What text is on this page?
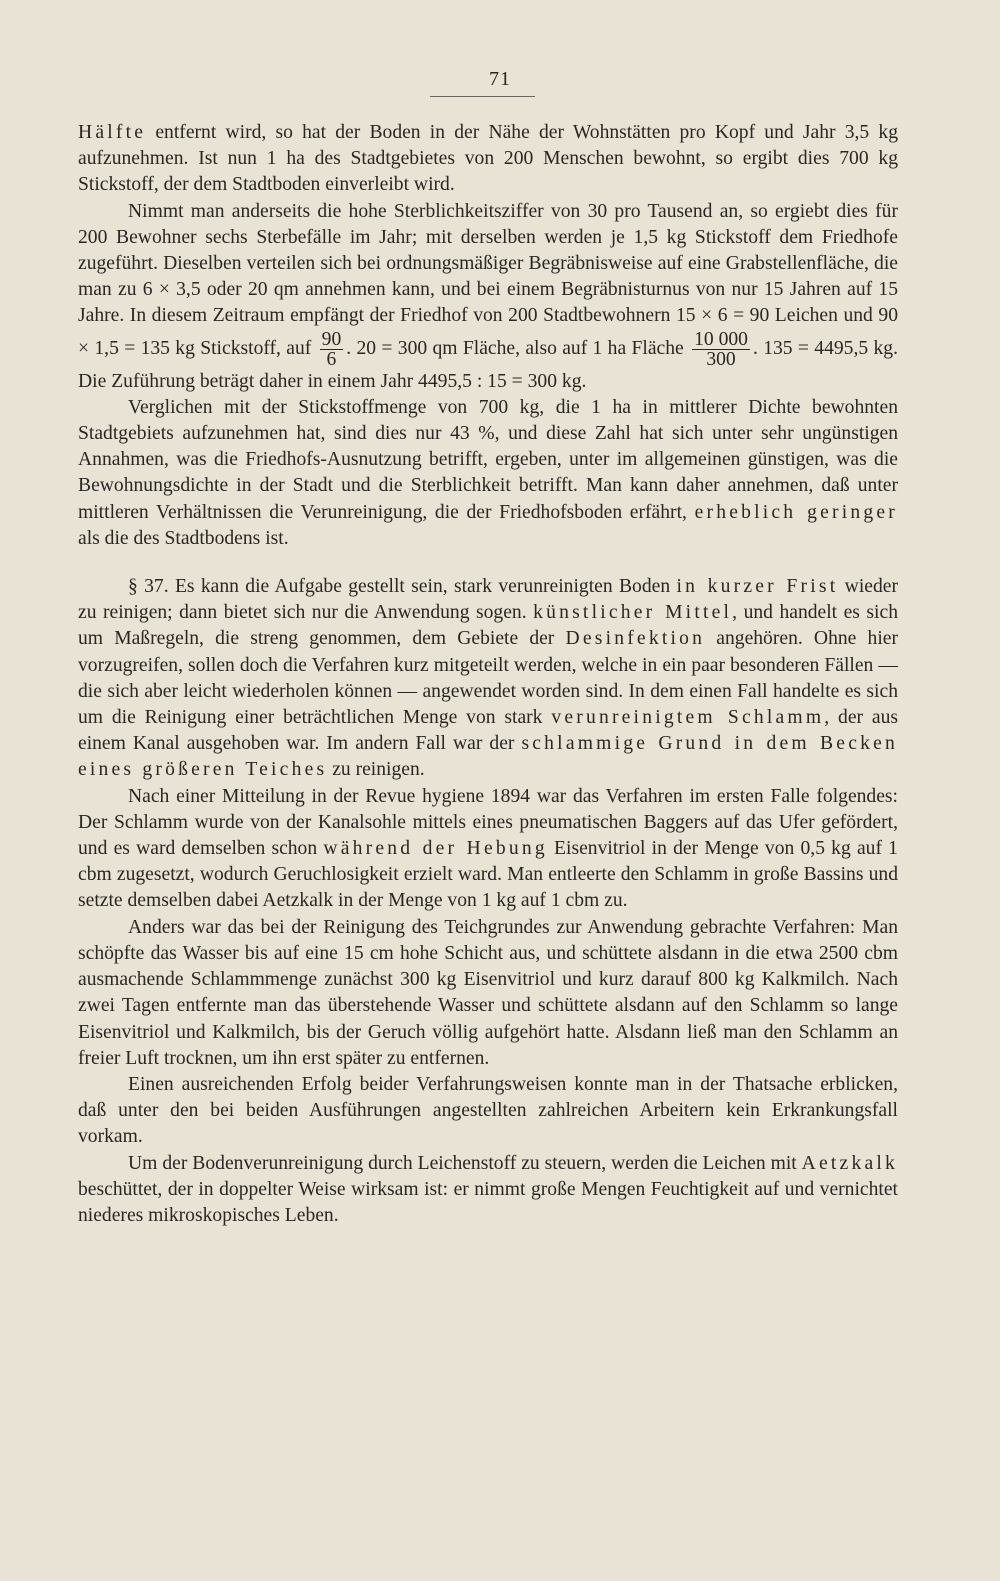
71

Hälfte entfernt wird, so hat der Boden in der Nähe der Wohnstätten pro Kopf und Jahr 3,5 kg aufzunehmen. Ist nun 1 ha des Stadtgebietes von 200 Menschen bewohnt, so ergibt dies 700 kg Stickstoff, der dem Stadtboden einverleibt wird.

Nimmt man anderseits die hohe Sterblichkeitsziffer von 30 pro Tausend an, so ergiebt dies für 200 Bewohner sechs Sterbefälle im Jahr; mit derselben werden je 1,5 kg Stickstoff dem Friedhofe zugeführt. Dieselben verteilen sich bei ordnungsmäßiger Begräbnisweise auf eine Grabstellenfläche, die man zu 6 × 3,5 oder 20 qm annehmen kann, und bei einem Begräbnisturnus von nur 15 Jahren auf 15 Jahre. In diesem Zeitraum empfängt der Friedhof von 200 Stadtbewohnern 15 × 6 = 90 Leichen und 90 × 1,5 = 135 kg Stickstoff, auf $\frac{90}{6}$ . 20 = 300 qm Fläche, also auf 1 ha Fläche $\frac{10 000}{300}$ . 135 = 4495,5 kg. Die Zuführung beträgt daher in einem Jahr 4495,5 : 15 = 300 kg.

Verglichen mit der Stickstoffmenge von 700 kg, die 1 ha in mittlerer Dichte bewohnten Stadtgebiets aufzunehmen hat, sind dies nur 43 %, und diese Zahl hat sich unter sehr ungünstigen Annahmen, was die Friedhofs-Ausnutzung betrifft, ergeben, unter im allgemeinen günstigen, was die Bewohnungsdichte in der Stadt und die Sterblichkeit betrifft. Man kann daher annehmen, daß unter mittleren Verhältnissen die Verunreinigung, die der Friedhofsboden erfährt, erheblich geringer als die des Stadtbodens ist.

§ 37. Es kann die Aufgabe gestellt sein, stark verunreinigten Boden in kurzer Frist wieder zu reinigen; dann bietet sich nur die Anwendung sogen. künstlicher Mittel, und handelt es sich um Maßregeln, die streng genommen, dem Gebiete der Desinfektion angehören. Ohne hier vorzugreifen, sollen doch die Verfahren kurz mitgeteilt werden, welche in ein paar besonderen Fällen — die sich aber leicht wiederholen können — angewendet worden sind. In dem einen Fall handelte es sich um die Reinigung einer beträchtlichen Menge von stark verunreinigtem Schlamm, der aus einem Kanal ausgehoben war. Im andern Fall war der schlammige Grund in dem Becken eines größeren Teiches zu reinigen.

Nach einer Mitteilung in der Revue hygiene 1894 war das Verfahren im ersten Falle folgendes: Der Schlamm wurde von der Kanalsohle mittels eines pneumatischen Baggers auf das Ufer gefördert, und es ward demselben schon während der Hebung Eisenvitriol in der Menge von 0,5 kg auf 1 cbm zugesetzt, wodurch Geruchlosigkeit erzielt ward. Man entleerte den Schlamm in große Bassins und setzte demselben dabei Aetzkalk in der Menge von 1 kg auf 1 cbm zu.

Anders war das bei der Reinigung des Teichgrundes zur Anwendung gebrachte Verfahren: Man schöpfte das Wasser bis auf eine 15 cm hohe Schicht aus, und schüttete alsdann in die etwa 2500 cbm ausmachende Schlammmenge zunächst 300 kg Eisenvitriol und kurz darauf 800 kg Kalkmilch. Nach zwei Tagen entfernte man das überstehende Wasser und schüttete alsdann auf den Schlamm so lange Eisenvitriol und Kalkmilch, bis der Geruch völlig aufgehört hatte. Alsdann ließ man den Schlamm an freier Luft trocknen, um ihn erst später zu entfernen.

Einen ausreichenden Erfolg beider Verfahrungsweisen konnte man in der Thatsache erblicken, daß unter den bei beiden Ausführungen angestellten zahlreichen Arbeitern kein Erkrankungsfall vorkam.

Um der Bodenverunreinigung durch Leichenstoff zu steuern, werden die Leichen mit Aetzkalk beschüttet, der in doppelter Weise wirksam ist: er nimmt große Mengen Feuchtigkeit auf und vernichtet niederes mikroskopisches Leben.
